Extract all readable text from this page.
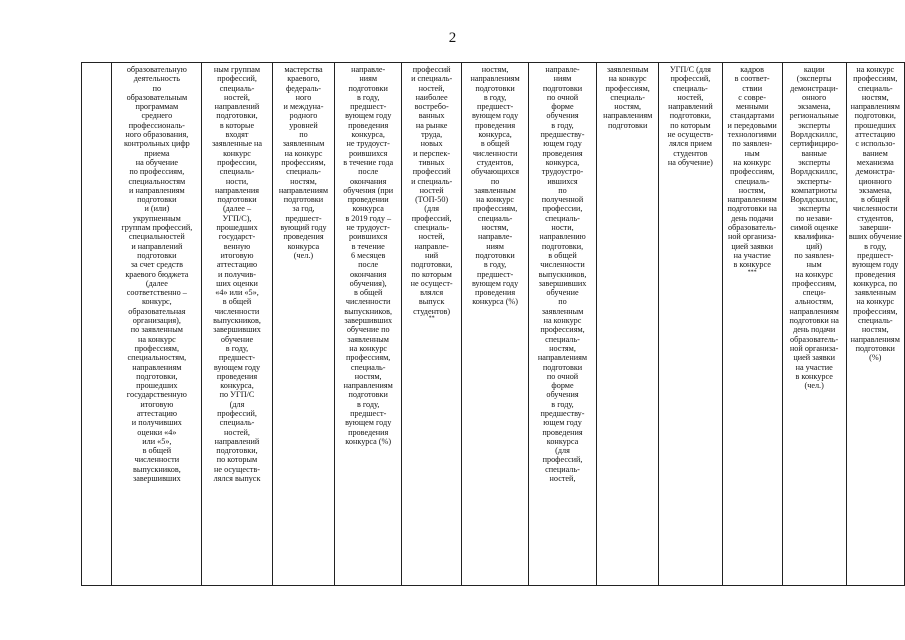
2

образовательную
деятельность
по
образовательным
программам
среднего
профессиональ-
ного образования,
контрольных цифр
приема
на обучение
по профессиям,
специальностям
и направлениям
подготовки
и (или)
укрупненным
группам профессий,
специальностей
и направлений
подготовки
за счет средств
краевого бюджета
(далее
соответственно –
конкурс,
образовательная
организация),
по заявленным
на конкурс
профессиям,
специальностям,
направлениям
подготовки,
прошедших
государственную
итоговую
аттестацию
и получивших
оценки «4»
или «5»,
в общей
численности
выпускников,
завершивших

ным группам
профессий,
специаль-
ностей,
направлений
подготовки,
в которые
входят
заявленные на
конкурс
профессии,
специаль-
ности,
направления
подготовки
(далее –
УГП/С),
прошедших
государст-
венную
итоговую
аттестацию
и получив-
ших оценки
«4» или «5»,
в общей
численности
выпускников,
завершивших
обучение
в году,
предшест-
вующем году
проведения
конкурса,
по УГП/С
(для
профессий,
специаль-
ностей,
направлений
подготовки,
по которым
не осуществ-
лялся выпуск

мастерства
краевого,
федераль-
ного
и междуна-
родного
уровней
по
заявленным
на конкурс
профессиям,
специаль-
ностям,
направлениям
подготовки
за год,
предшест-
вующий году
проведения
конкурса
(чел.)

направле-
ниям
подготовки
в году,
предшест-
вующем году
проведения
конкурса,
не трудоуст-
роившихся
в течение года
после
окончания
обучения (при
проведении
конкурса
в 2019 году –
не трудоуст-
роившихся
в течение
6 месяцев
после
окончания
обучения),
в общей
численности
выпускников,
завершивших
обучение по
заявленным
на конкурс
профессиям,
специаль-
ностям,
направлениям
подготовки
в году,
предшест-
вующем году
проведения
конкурса (%)

профессий
и специаль-
ностей,
наиболее
востребо-
ванных
на рынке
труда,
новых
и перспек-
тивных
профессий
и специаль-
ностей
(ТОП-50)
(для
профессий,
специаль-
ностей,
направле-
ний
подготовки,
по которым
не осущест-
влялся
выпуск
студентов)
**	
ностям,
направлениям
подготовки
в году,
предшест-
вующем году
проведения
конкурса,
в общей
численности
студентов,
обучающихся
по
заявленным
на конкурс
профессиям,
специаль-
ностям,
направле-
ниям
подготовки
в году,
предшест-
вующем году
проведения
конкурса (%)

направле-
ниям
подготовки
по очной
форме
обучения
в году,
предшеству-
ющем году
проведения
конкурса,
трудоустро-
ившихся
по
полученной
профессии,
специаль-
ности,
направлению
подготовки,
в общей
численности
выпускников,
завершивших
обучение
по
заявленным
на конкурс
профессиям,
специаль-
ностям,
направлениям
подготовки
по очной
форме
обучения
в году,
предшеству-
ющем году
проведения
конкурса
(для
профессий,
специаль-
ностей,

заявленным
на конкурс
профессиям,
специаль-
ностям,
направлениям
подготовки

УГП/С (для
профессий,
специаль-
ностей,
направлений
подготовки,
по которым
не осуществ-
лялся прием
студентов
на обучение)

кадров
в соответ-
ствии
с совре-
менными
стандартами
и передовыми
технологиями
по заявлен-
ным
на конкурс
профессиям,
специаль-
ностям,
направлениям
подготовки на
день подачи
образователь-
ной организа-
цией заявки
на участие
в конкурсе
***	
кации
(эксперты
демонстраци-
онного
экзамена,
региональные
эксперты
Ворлдскиллс,
сертифициро-
ванные
эксперты
Ворлдскиллс,
эксперты-
компатриоты
Ворлдскиллс,
эксперты
по незави-
симой оценке
квалифика-
ций)
по заявлен-
ным
на конкурс
профессиям,
специ-
альностям,
направлениям
подготовки на
день подачи
образователь-
ной организа-
цией заявки
на участие
в конкурсе
(чел.)

на конкурс
профессиям,
специаль-
ностям,
направлениям
подготовки,
прошедших
аттестацию
с использо-
ванием
механизма
демонстра-
ционного
экзамена,
в общей
численности
студентов,
заверши-
вших обучение
в году,
предшест-
вующем году
проведения
конкурса, по
заявленным
на конкурс
профессиям,
специаль-
ностям,
направлениям
подготовки
(%)
